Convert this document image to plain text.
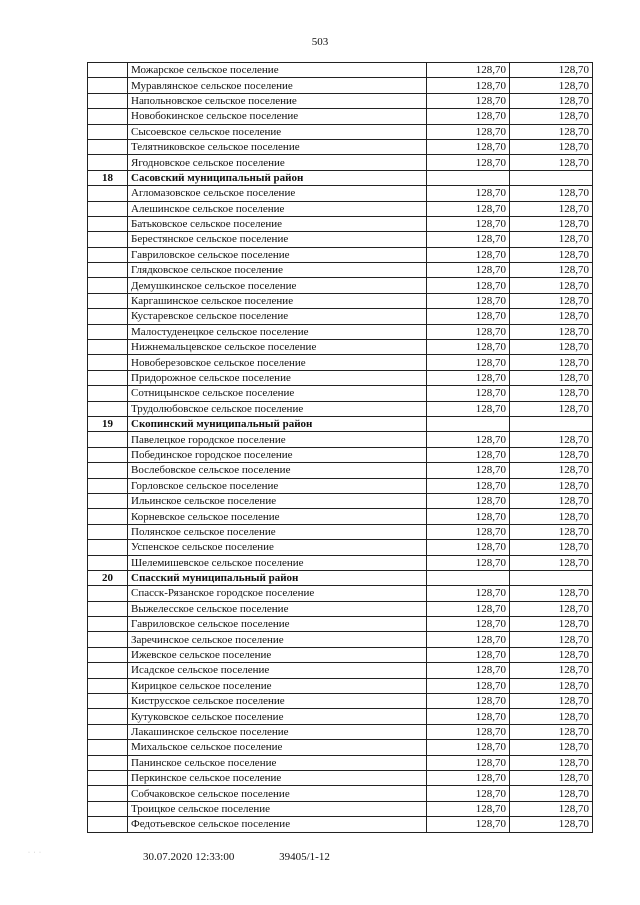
503
	Можарское сельское поселение	128,70	128,70
	Муравлянское сельское поселение	128,70	128,70
	Напольновское сельское поселение	128,70	128,70
	Новобокинское сельское поселение	128,70	128,70
	Сысоевское сельское поселение	128,70	128,70
	Телятниковское сельское поселение	128,70	128,70
	Ягодновское сельское поселение	128,70	128,70
18	Сасовский муниципальный район		
	Агломазовское сельское поселение	128,70	128,70
	Алешинское сельское поселение	128,70	128,70
	Батьковское сельское поселение	128,70	128,70
	Берестянское сельское поселение	128,70	128,70
	Гавриловское сельское поселение	128,70	128,70
	Глядковское сельское поселение	128,70	128,70
	Демушкинское сельское поселение	128,70	128,70
	Каргашинское сельское поселение	128,70	128,70
	Кустаревское сельское поселение	128,70	128,70
	Малостуденецкое сельское поселение	128,70	128,70
	Нижнемальцевское сельское поселение	128,70	128,70
	Новоберезовское сельское поселение	128,70	128,70
	Придорожное сельское поселение	128,70	128,70
	Сотницынское сельское поселение	128,70	128,70
	Трудолюбовское сельское поселение	128,70	128,70
19	Скопинский муниципальный район		
	Павелецкое городское поселение	128,70	128,70
	Побединское городское поселение	128,70	128,70
	Вослебовское сельское поселение	128,70	128,70
	Горловское сельское поселение	128,70	128,70
	Ильинское сельское поселение	128,70	128,70
	Корневское сельское поселение	128,70	128,70
	Полянское сельское поселение	128,70	128,70
	Успенское сельское поселение	128,70	128,70
	Шелемишевское сельское поселение	128,70	128,70
20	Спасский муниципальный район		
	Спасск-Рязанское городское поселение	128,70	128,70
	Выжелесское сельское поселение	128,70	128,70
	Гавриловское сельское поселение	128,70	128,70
	Заречинское сельское поселение	128,70	128,70
	Ижевское сельское поселение	128,70	128,70
	Исадское сельское поселение	128,70	128,70
	Кирицкое сельское поселение	128,70	128,70
	Киструсское сельское поселение	128,70	128,70
	Кутуковское сельское поселение	128,70	128,70
	Лакашинское сельское поселение	128,70	128,70
	Михальское сельское поселение	128,70	128,70
	Панинское сельское поселение	128,70	128,70
	Перкинское сельское поселение	128,70	128,70
	Собчаковское сельское поселение	128,70	128,70
	Троицкое сельское поселение	128,70	128,70
	Федотьевское сельское поселение	128,70	128,70
· · ·	30.07.2020 12:33:00	39405/1-12
